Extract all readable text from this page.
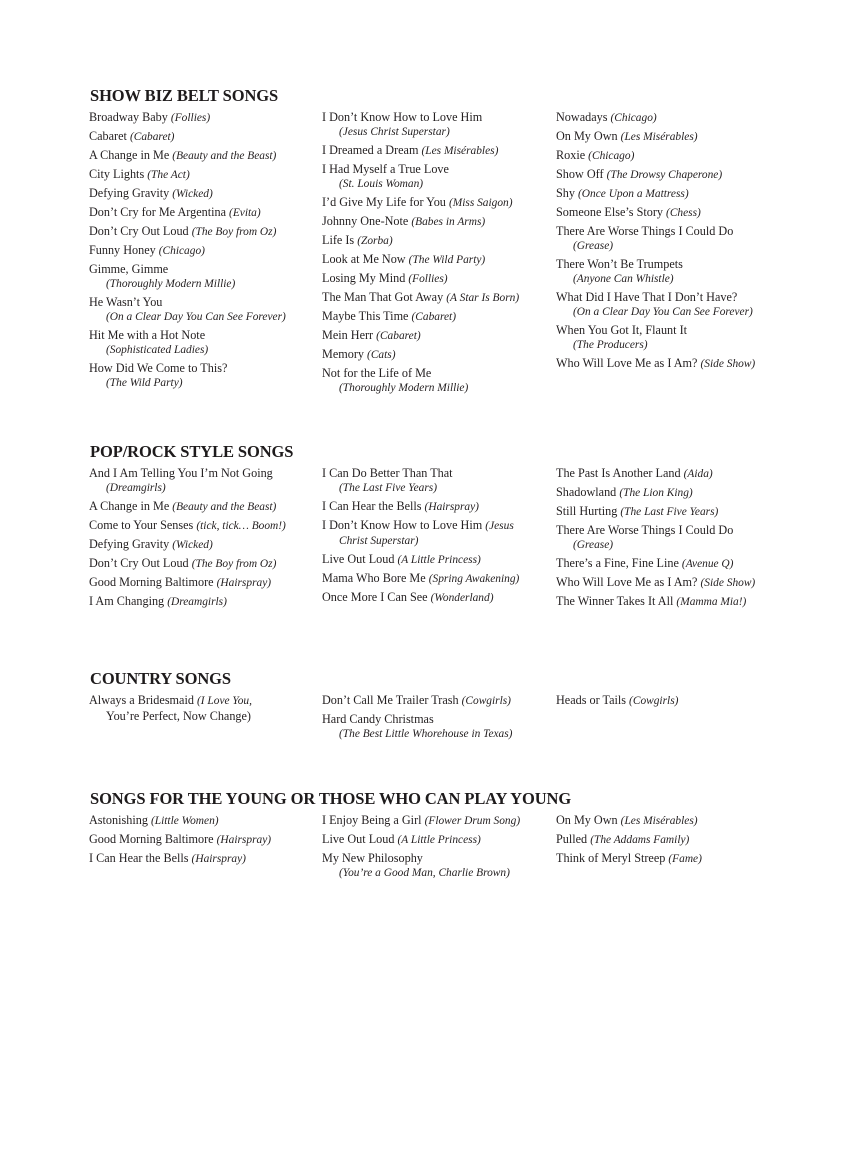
SHOW BIZ BELT SONGS
Broadway Baby (Follies)
Cabaret (Cabaret)
A Change in Me (Beauty and the Beast)
City Lights (The Act)
Defying Gravity (Wicked)
Don’t Cry for Me Argentina (Evita)
Don’t Cry Out Loud (The Boy from Oz)
Funny Honey (Chicago)
Gimme, Gimme
(Thoroughly Modern Millie)
He Wasn’t You
(On a Clear Day You Can See Forever)
Hit Me with a Hot Note
(Sophisticated Ladies)
How Did We Come to This?
(The Wild Party)
I Don’t Know How to Love Him
(Jesus Christ Superstar)
I Dreamed a Dream (Les Misérables)
I Had Myself a True Love
(St. Louis Woman)
I’d Give My Life for You (Miss Saigon)
Johnny One-Note (Babes in Arms)
Life Is (Zorba)
Look at Me Now (The Wild Party)
Losing My Mind (Follies)
The Man That Got Away (A Star Is Born)
Maybe This Time (Cabaret)
Mein Herr (Cabaret)
Memory (Cats)
Not for the Life of Me
(Thoroughly Modern Millie)
Nowadays (Chicago)
On My Own (Les Misérables)
Roxie (Chicago)
Show Off (The Drowsy Chaperone)
Shy (Once Upon a Mattress)
Someone Else’s Story (Chess)
There Are Worse Things I Could Do
(Grease)
There Won’t Be Trumpets
(Anyone Can Whistle)
What Did I Have That I Don’t Have?
(On a Clear Day You Can See Forever)
When You Got It, Flaunt It
(The Producers)
Who Will Love Me as I Am? (Side Show)
POP/ROCK STYLE SONGS
And I Am Telling You I’m Not Going
(Dreamgirls)
A Change in Me (Beauty and the Beast)
Come to Your Senses (tick, tick… Boom!)
Defying Gravity (Wicked)
Don’t Cry Out Loud (The Boy from Oz)
Good Morning Baltimore (Hairspray)
I Am Changing (Dreamgirls)
I Can Do Better Than That
(The Last Five Years)
I Can Hear the Bells (Hairspray)
I Don’t Know How to Love Him (Jesus
Christ Superstar)
Live Out Loud (A Little Princess)
Mama Who Bore Me (Spring Awakening)
Once More I Can See (Wonderland)
The Past Is Another Land (Aida)
Shadowland (The Lion King)
Still Hurting (The Last Five Years)
There Are Worse Things I Could Do
(Grease)
There’s a Fine, Fine Line (Avenue Q)
Who Will Love Me as I Am? (Side Show)
The Winner Takes It All (Mamma Mia!)
COUNTRY SONGS
Always a Bridesmaid (I Love You,
You’re Perfect, Now Change)
Don’t Call Me Trailer Trash (Cowgirls)
Hard Candy Christmas
(The Best Little Whorehouse in Texas)
Heads or Tails (Cowgirls)
SONGS FOR THE YOUNG OR THOSE WHO CAN PLAY YOUNG
Astonishing (Little Women)
Good Morning Baltimore (Hairspray)
I Can Hear the Bells (Hairspray)
I Enjoy Being a Girl (Flower Drum Song)
Live Out Loud (A Little Princess)
My New Philosophy
(You’re a Good Man, Charlie Brown)
On My Own (Les Misérables)
Pulled (The Addams Family)
Think of Meryl Streep (Fame)
